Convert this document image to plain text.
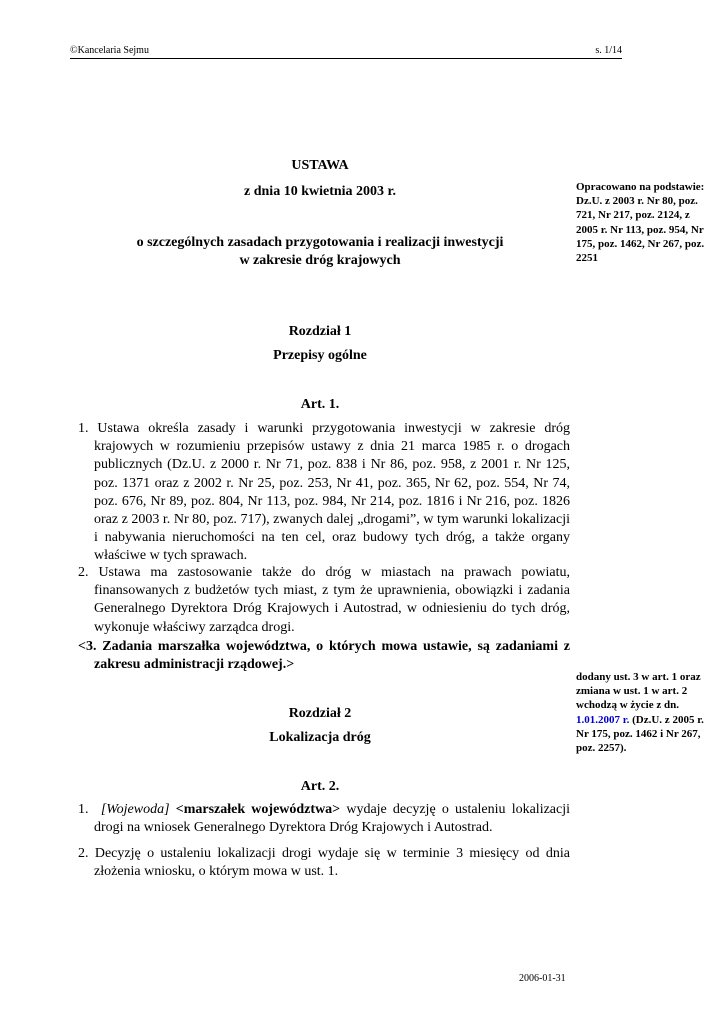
©Kancelaria Sejmu	s. 1/14
USTAWA
z dnia 10 kwietnia 2003 r.
o szczególnych zasadach przygotowania i realizacji inwestycji
w zakresie dróg krajowych
Opracowano na podstawie: Dz.U. z 2003 r. Nr 80, poz. 721, Nr 217, poz. 2124, z 2005 r. Nr 113, poz. 954, Nr 175, poz. 1462, Nr 267, poz. 2251
Rozdział 1
Przepisy ogólne
Art. 1.
1. Ustawa określa zasady i warunki przygotowania inwestycji w zakresie dróg krajowych w rozumieniu przepisów ustawy z dnia 21 marca 1985 r. o drogach publicznych (Dz.U. z 2000 r. Nr 71, poz. 838 i Nr 86, poz. 958, z 2001 r. Nr 125, poz. 1371 oraz z 2002 r. Nr 25, poz. 253, Nr 41, poz. 365, Nr 62, poz. 554, Nr 74, poz. 676, Nr 89, poz. 804, Nr 113, poz. 984, Nr 214, poz. 1816 i Nr 216, poz. 1826 oraz z 2003 r. Nr 80, poz. 717), zwanych dalej „drogami”, w tym warunki lokalizacji i nabywania nieruchomości na ten cel, oraz budowy tych dróg, a także organy właściwe w tych sprawach.
2. Ustawa ma zastosowanie także do dróg w miastach na prawach powiatu, finansowanych z budżetów tych miast, z tym że uprawnienia, obowiązki i zadania Generalnego Dyrektora Dróg Krajowych i Autostrad, w odniesieniu do tych dróg, wykonuje właściwy zarządca drogi.
<3. Zadania marszałka województwa, o których mowa ustawie, są zadaniami z zakresu administracji rządowej.>
dodany ust. 3 w art. 1 oraz zmiana w ust. 1 w art. 2 wchodzą w życie z dn. 1.01.2007 r. (Dz.U. z 2005 r. Nr 175, poz. 1462 i Nr 267, poz. 2257).
Rozdział 2
Lokalizacja dróg
Art. 2.
1. [Wojewoda] <marszałek województwa> wydaje decyzję o ustaleniu lokalizacji drogi na wniosek Generalnego Dyrektora Dróg Krajowych i Autostrad.
2. Decyzję o ustaleniu lokalizacji drogi wydaje się w terminie 3 miesięcy od dnia złożenia wniosku, o którym mowa w ust. 1.
2006-01-31
